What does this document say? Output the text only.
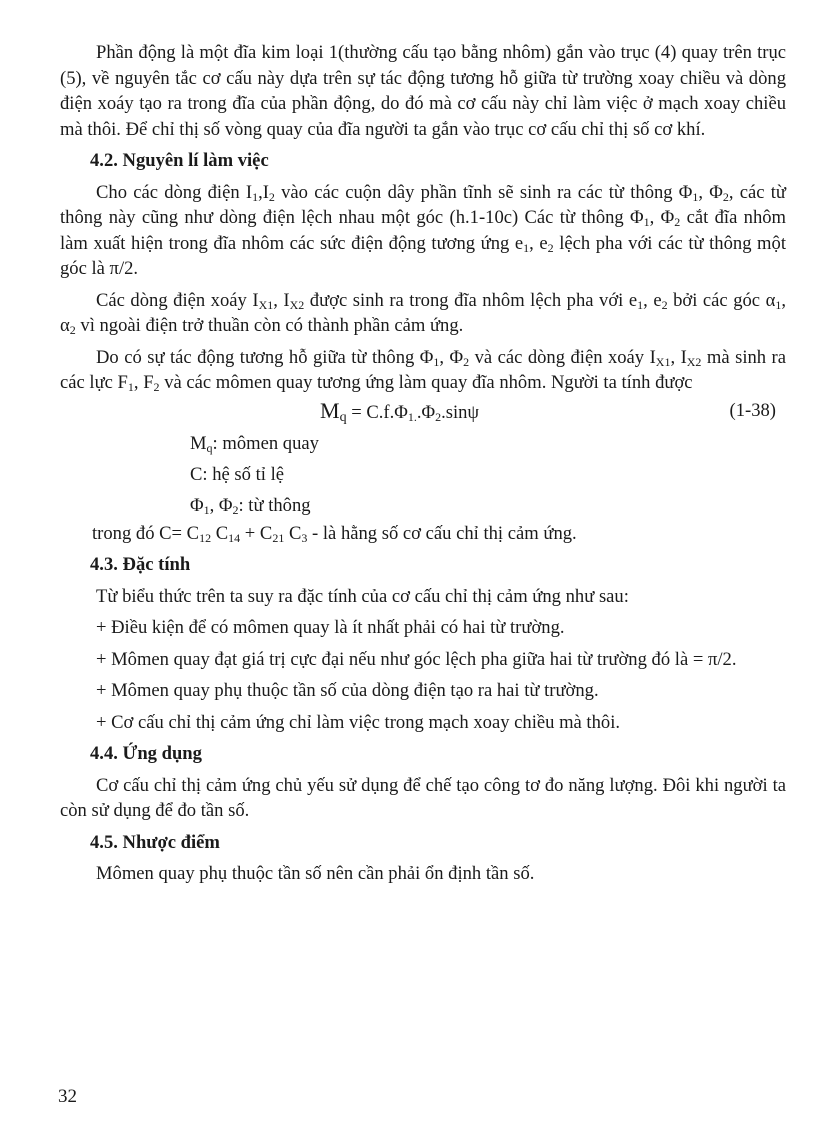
Phần động là một đĩa kim loại 1(thường cấu tạo bằng nhôm) gắn vào trục (4) quay trên trục (5), về nguyên tắc cơ cấu này dựa trên sự tác động tương hỗ giữa từ trường xoay chiều và dòng điện xoáy tạo ra trong đĩa của phần động, do đó mà cơ cấu này chỉ làm việc ở mạch xoay chiều mà thôi. Để chỉ thị số vòng quay của đĩa người ta gắn vào trục cơ cấu chỉ thị số cơ khí.

4.2. Nguyên lí làm việc

Cho các dòng điện $I_1,I_2$ vào các cuộn dây phần tĩnh sẽ sinh ra các từ thông $\Phi_1$, $\Phi_2$, các từ thông này cũng như dòng điện lệch nhau một góc (h.1-10c) Các từ thông $\Phi_1$, $\Phi_2$ cắt đĩa nhôm làm xuất hiện trong đĩa nhôm các sức điện động tương ứng $e_1$, $e_2$ lệch pha với các từ thông một góc là π/2.

Các dòng điện xoáy $I_{X1}$, $I_{X2}$ được sinh ra trong đĩa nhôm lệch pha với $e_1$, $e_2$ bởi các góc $\alpha_1$, $\alpha_2$ vì ngoài điện trở thuần còn có thành phần cảm ứng.

Do có sự tác động tương hỗ giữa từ thông $\Phi_1$, $\Phi_2$ và các dòng điện xoáy $I_{X1}$, $I_{X2}$ mà sinh ra các lực $F_1$, $F_2$ và các mômen quay tương ứng làm quay đĩa nhôm. Người ta tính được

$M_q = C.f.\Phi_{1.}.\Phi_2.\sin\psi$	(1-38)
$M_q$: mômen quay
C: hệ số tỉ lệ
$\Phi_1$, $\Phi_2$: từ thông

trong đó $C= C_{12}$ $C_{14} + C_{21}$ $C_3$ - là hằng số cơ cấu chỉ thị cảm ứng.

4.3. Đặc tính

Từ biểu thức trên ta suy ra đặc tính của cơ cấu chỉ thị cảm ứng như sau:

+ Điều kiện để có mômen quay là ít nhất phải có hai từ trường.

+ Mômen quay đạt giá trị cực đại nếu như góc lệch pha giữa hai từ trường đó là = π/2.

+ Mômen quay phụ thuộc tần số của dòng điện tạo ra hai từ trường.

+ Cơ cấu chỉ thị cảm ứng chỉ làm việc trong mạch xoay chiều mà thôi.

4.4. Ứng dụng

Cơ cấu chỉ thị cảm ứng chủ yếu sử dụng để chế tạo công tơ đo năng lượng. Đôi khi người ta còn sử dụng để đo tần số.

4.5. Nhược điểm

Mômen quay phụ thuộc tần số nên cần phải ổn định tần số.

32
